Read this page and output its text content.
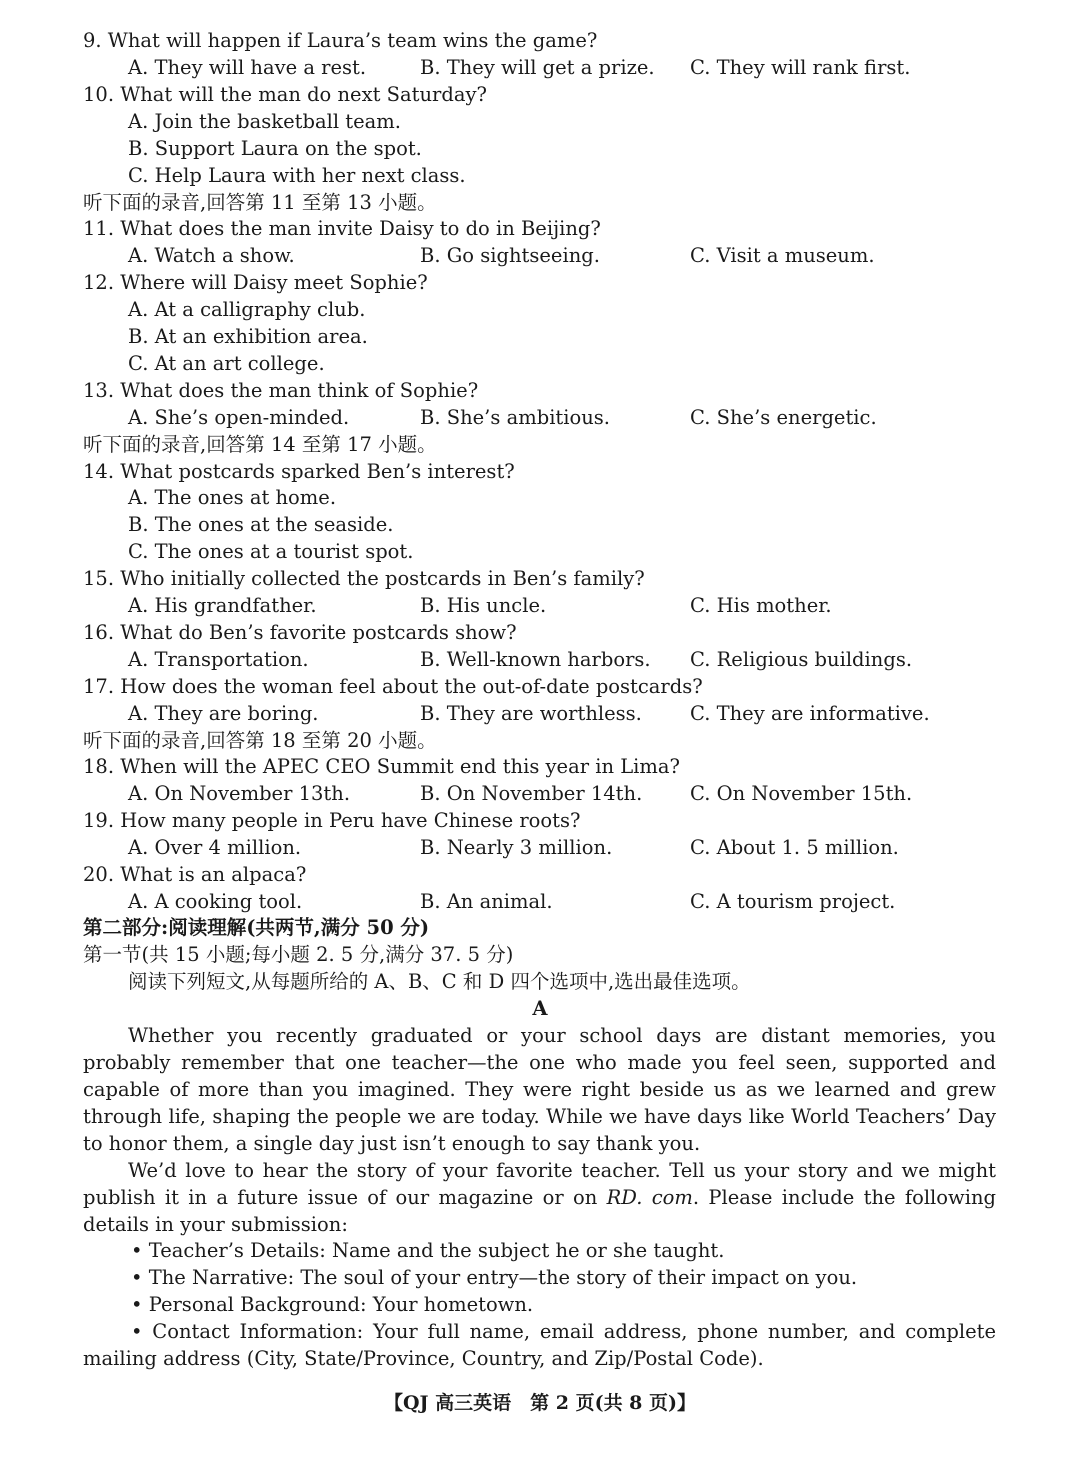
9. What will happen if Laura’s team wins the game?
A. They will have a rest.	B. They will get a prize. C. They will rank first.
10. What will the man do next Saturday?
A. Join the basketball team.
B. Support Laura on the spot.
C. Help Laura with her next class.
听下面的录音,回答第 11 至第 13 小题。
11. What does the man invite Daisy to do in Beijing?
A. Watch a show.	B. Go sightseeing.	C. Visit a museum.
12. Where will Daisy meet Sophie?
A. At a calligraphy club.
B. At an exhibition area.
C. At an art college.
13. What does the man think of Sophie?
A. She’s open-minded.	B. She’s ambitious.	C. She’s energetic.
听下面的录音,回答第 14 至第 17 小题。
14. What postcards sparked Ben’s interest?
A. The ones at home.
B. The ones at the seaside.
C. The ones at a tourist spot.
15. Who initially collected the postcards in Ben’s family?
A. His grandfather.	B. His uncle.	C. His mother.
16. What do Ben’s favorite postcards show?
A. Transportation.	B. Well-known harbors. C. Religious buildings.
17. How does the woman feel about the out-of-date postcards?
A. They are boring.	B. They are worthless. C. They are informative.
听下面的录音,回答第 18 至第 20 小题。
18. When will the APEC CEO Summit end this year in Lima?
A. On November 13th.	B. On November 14th. C. On November 15th.
19. How many people in Peru have Chinese roots?
A. Over 4 million.	B. Nearly 3 million.	C. About 1. 5 million.
20. What is an alpaca?
A. A cooking tool.	B. An animal.	C. A tourism project.
第二部分:阅读理解(共两节,满分 50 分)
第一节(共 15 小题;每小题 2. 5 分,满分 37. 5 分)
阅读下列短文,从每题所给的 A、B、C 和 D 四个选项中,选出最佳选项。
A
Whether you recently graduated or your school days are distant memories, you probably remember that one teacher—the one who made you feel seen, supported and capable of more than you imagined. They were right beside us as we learned and grew through life, shaping the people we are today. While we have days like World Teachers’ Day to honor them, a single day just isn’t enough to say thank you.
We’d love to hear the story of your favorite teacher. Tell us your story and we might publish it in a future issue of our magazine or on RD. com. Please include the following details in your submission:
• Teacher’s Details: Name and the subject he or she taught.
• The Narrative: The soul of your entry—the story of their impact on you.
• Personal Background: Your hometown.
• Contact Information: Your full name, email address, phone number, and complete mailing address (City, State/Province, Country, and Zip/Postal Code).
【QJ 高三英语　第 2 页(共 8 页)】
